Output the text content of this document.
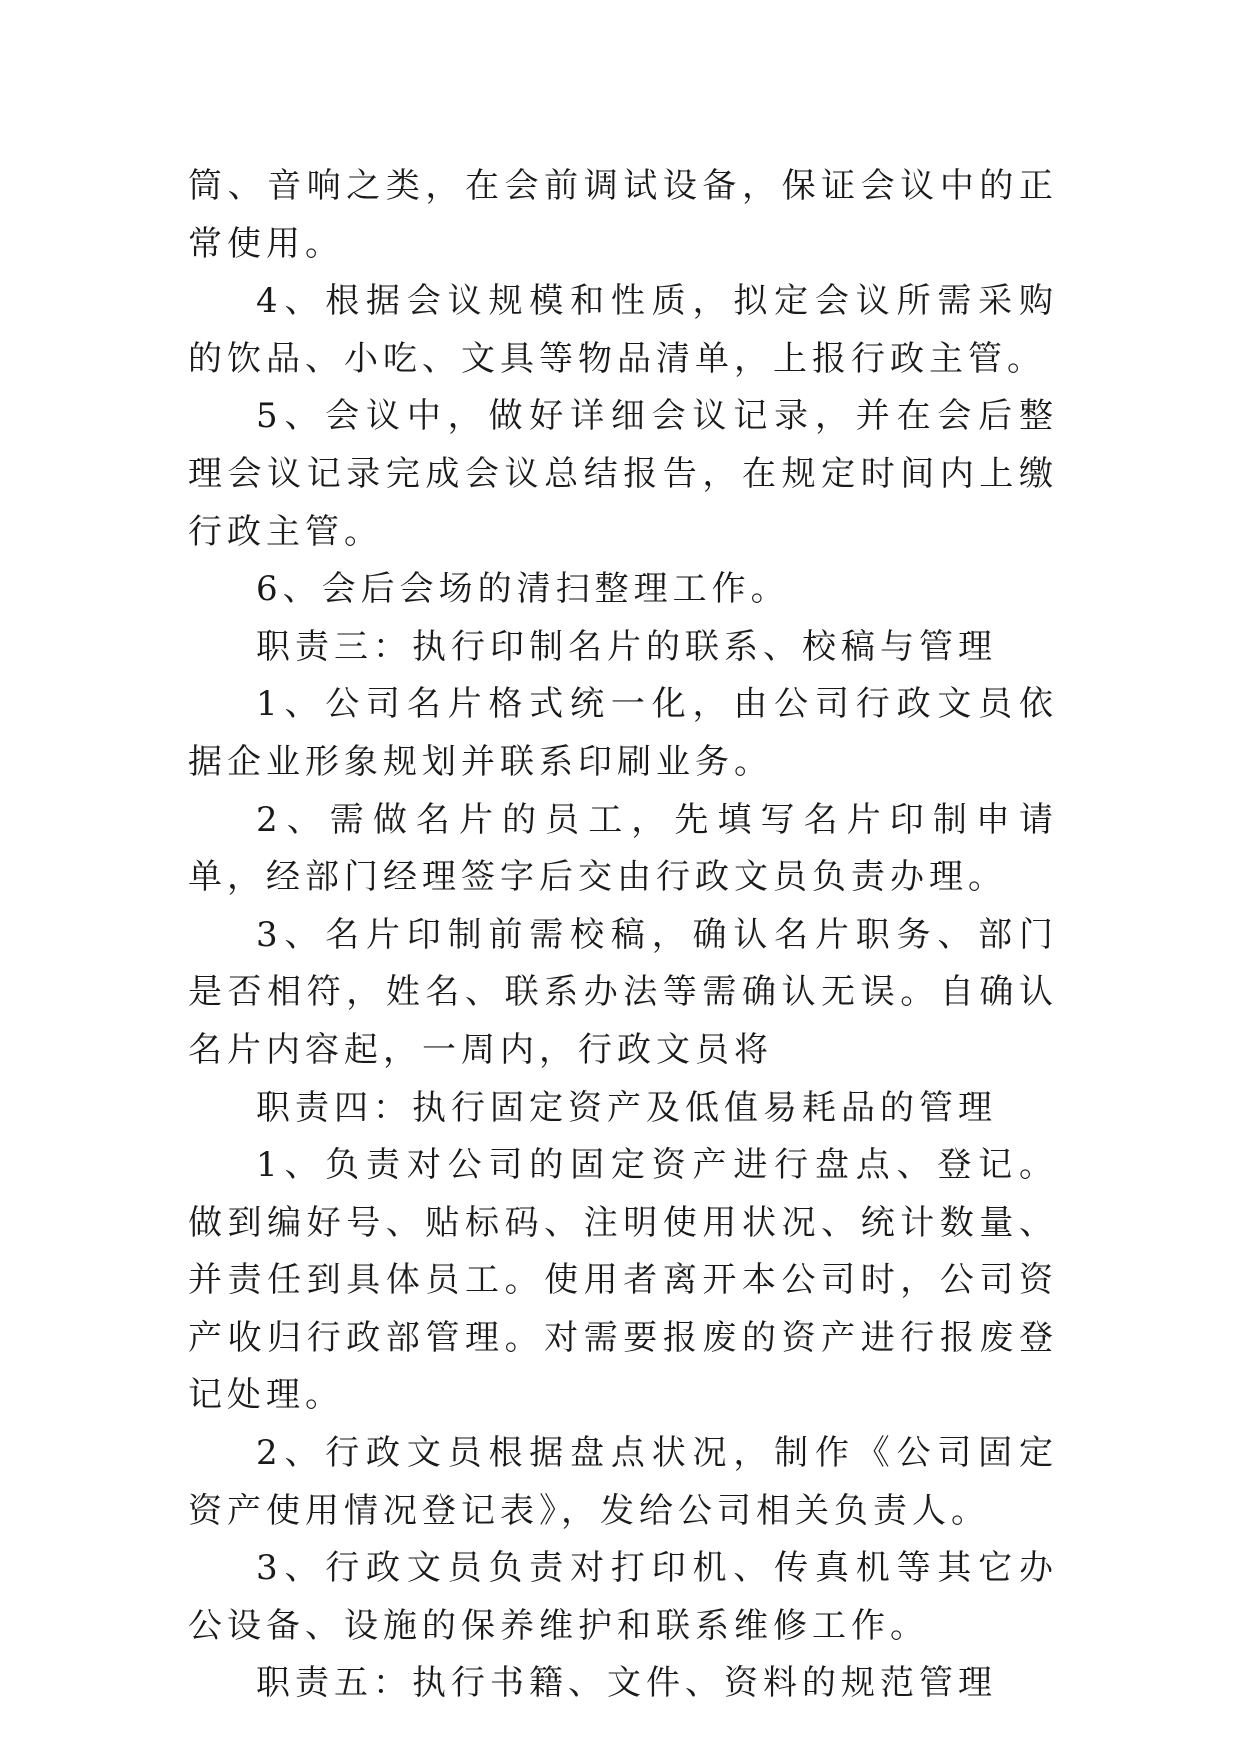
筒、音响之类，在会前调试设备，保证会议中的正常使用。

4、根据会议规模和性质，拟定会议所需采购的饮品、小吃、文具等物品清单，上报行政主管。

5、会议中，做好详细会议记录，并在会后整理会议记录完成会议总结报告，在规定时间内上缴行政主管。

6、会后会场的清扫整理工作。

职责三：执行印制名片的联系、校稿与管理

1、公司名片格式统一化，由公司行政文员依据企业形象规划并联系印刷业务。

2、需做名片的员工，先填写名片印制申请单，经部门经理签字后交由行政文员负责办理。

3、名片印制前需校稿，确认名片职务、部门是否相符，姓名、联系办法等需确认无误。自确认名片内容起，一周内，行政文员将

职责四：执行固定资产及低值易耗品的管理

1、负责对公司的固定资产进行盘点、登记。做到编好号、贴标码、注明使用状况、统计数量、并责任到具体员工。使用者离开本公司时，公司资产收归行政部管理。对需要报废的资产进行报废登记处理。

2、行政文员根据盘点状况，制作《公司固定资产使用情况登记表》，发给公司相关负责人。

3、行政文员负责对打印机、传真机等其它办公设备、设施的保养维护和联系维修工作。

职责五：执行书籍、文件、资料的规范管理
